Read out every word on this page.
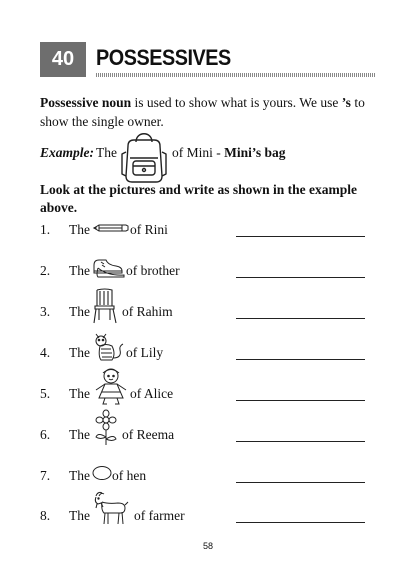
40 POSSESSIVES
Possessive noun is used to show what is yours. We use ’s to show the single owner.
Example: The	of Mini - Mini’s bag
Look at the pictures and write as shown in the example above.
1. The	of Rini
2. The	of brother
3. The of Rahim
4. The	of Lily
5. The	of Alice
6. The of Reema
7. The of hen
8. The	of farmer
58
